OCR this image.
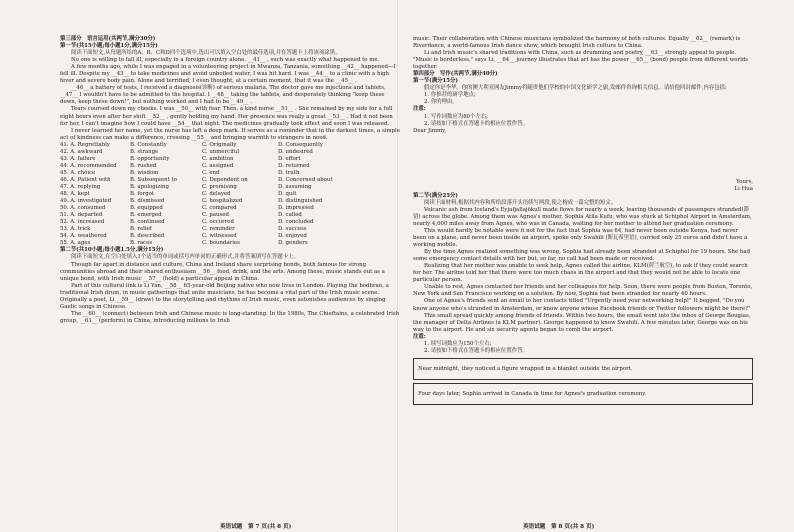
第三部分　语言运用(共两节,满分30分)

第一节(共15小题;每小题1分,满分15分)

阅读下面短文,从每题所给的A、B、C和D四个选项中,选出可以填入空白处的最佳选项,并在答题卡上将该项涂黑。

No one is willing to fall ill, especially in a foreign country alone. __41__ , such was exactly what happened to me.

A few months ago, while I was engaged in a volunteering project in Mwanza, Tanzania, something __42__ happened—I fell ill. Despite my __43__ to take medicines and avoid unboiled water, I was hit hard. I was __44__ to a clinic with a high fever and severe body pain. Alone and terrified, I even thought, at a certain moment, that it was the __45__ .

__46__ a battery of tests, I received a diagnosis(诊断) of serious malaria. The doctor gave me injections and tablets, __47__ I wouldn't have to be admitted to the hospital. I __48__ taking the tablets, and desperately thinking "keep these down, keep these down!", but nothing worked and I had to be __49__ .

Tears coursed down my cheeks. I was __50__ with fear. Then, a kind nurse __51__ . She remained by my side for a full eight hours even after her shift __52__ , gently holding my hand. Her presence was really a great __53__ . Had it not been for her, I can't imagine how I could have __54__ that night. The medicines gradually took effect and soon I was released.

I never learned her name, yet the nurse has left a deep mark. It serves as a reminder that in the darkest times, a simple act of kindness can make a difference, crossing __55__ and bringing warmth to strangers in need.

41. A. Regrettably	B. Constantly	C. Originally	D. Consequently
42. A. awkward	B. strange	C. unmerciful	D. undesired
43. A. failure	B. opportunity	C. ambition	D. effort
44. A. recommended	B. rushed	C. assigned	D. returned
45. A. choice	B. wisdom	C. end	D. truth
46. A. Patient with	B. Subsequent to	C. Dependent on	D. Concerned about
47. A. replying	B. apologizing	C. promising	D. assuming
48. A. kept	B. forgot	C. delayed	D. quit
49. A. investigated	B. dismissed	C. hospitalized	D. distinguished
50. A. consumed	B. equipped	C. compared	D. impressed
51. A. departed	B. emerged	C. paused	D. called
52. A. increased	B. continued	C. occurred	D. concluded
53. A. trick	B. relief	C. reminder	D. success
54. A. weathered	B. described	C. witnessed	D. enjoyed
55. A. ages	B. races	C. boundaries	D. genders

第二节(共10小题;每小题1.5分,满分15分)

阅读下面短文,在空白处填入1个适当的单词或括号内单词的正确形式,并将答案填写在答题卡上。

Though far apart in distance and culture, China and Ireland share surprising bonds, both famous for strong communities abroad and their shared enthusiasm __56__ food, drink, and the arts. Among these, music stands out as a unique bond, with Irish music __57__ (hold) a particular appeal in China.

Part of this cultural link is Li Yan, __58__ 65-year-old Beijing native who now lives in London. Playing the bodhran, a traditional Irish drum, in music gatherings that unite musicians, he has become a vital part of the Irish music scene. Originally a poet, Li __59__ (draw) to the storytelling and rhythms of Irish music, even astonishes audiences by singing Gaelic songs in Chinese.

The __60__ (connect) between Irish and Chinese music is long-standing. In the 1980s, The Chieftains, a celebrated Irish group, __61__ (perform) in China, introducing millions to Irish

英语试题　第 7 页(共 8 页)

music. Their collaboration with Chinese musicians symbolized the harmony of both cultures. Equally __62__ (remark) is Riverdance, a world-famous Irish dance show, which brought Irish culture to China.

Li and Irish music's shared traditions with China, such as drumming and poetry, __63__ strongly appeal to people. "Music is borderless," says Li, __64__ journey illustrates that art has the power __65__ (bond) people from different worlds together.

第四部分　写作(共两节,满分40分)

第一节(满分15分)

假定你是李华。你的澳大利亚网友Jimmy将随贵他们学校的中国文化研学之旅,发邮件咨询相关信息。请给他回封邮件,内容包括:

1. 你推荐的研学地点;

2. 你的理由。

注意:

1. 写作词数应为80个左右;

2. 请按如下格式在答题卡的相应位置作答。

Dear Jimmy,

Yours,

Li Hua

第二节(满分25分)

阅读下面材料,根据其内容和所给段落开头语续写两段,使之构成一篇完整的短文。

Volcanic ash from Iceland's Eyjafjallajökull made flows for nearly a week, leaving thousands of passengers stranded(滞留) across the globe. Among them was Agnes's mother, Sophia Atila Kufu, who was stuck at Schiphol Airport in Amsterdam, nearly 4,000 miles away from Agnes, who was in Canada, waiting for her mother to attend her graduation ceremony.

This would hardly be notable were it not for the fact that Sophia was 64, had never been outside Kenya, had never been on a plane, and never been inside an airport, spoke only Swahili (斯瓦希里语), carried only 25 euros and didn't have a working mobile.

By the time Agnes realized something was wrong, Sophia had already been stranded at Schiphol for 19 hours. She had some emergency contact details with her but, so far, no call had been made or received.

Realizing that her mother was unable to seek help, Agnes called the airline, KLM(荷兰航空), to ask if they could search for her. The airline told her that there were too much chaos in the airport and that they would not be able to locate one particular person.

Unable to rest, Agnes contacted her friends and her colleagues for help. Soon, there were people from Boston, Toronto, New York and San Francisco working on a solution. By now, Sophia had been stranded for nearly 40 hours.

One of Agnes's friends sent an email to her contacts titled "Urgently need your networking help!" It begged, "Do you know anyone who's stranded in Amsterdam, or know anyone whose Facebook friends or Twitter followers might be there?"

This small spread quickly among friends of friends. Within two hours, the email went into the inbox of George Bougias, the manager of Delta Airlines (a KLM partner). George happened to know Swahili. A few minutes later, George was on his way to the airport. He and six security agents began to comb the airport.

注意:

1. 续写词数应为150个左右;

2. 请按如下格式在答题卡的相应位置作答。

Near midnight, they noticed a figure wrapped in a blanket outside the airport.
Four days later, Sophia arrived in Canada in time for Agnes's graduation ceremony.
英语试题　第 8 页(共 8 页)
